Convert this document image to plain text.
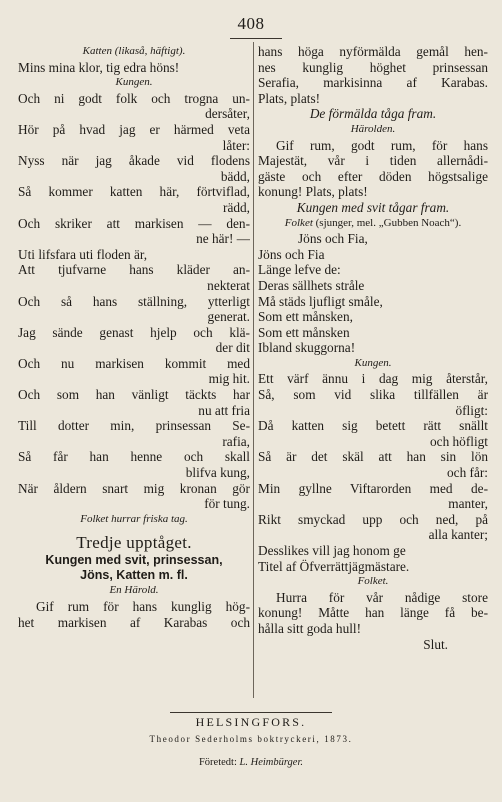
408
Katten (likaså, häftigt).
Mins mina klor, tig edra höns!
Kungen.
Och ni godt folk och trogna un-
dersåter,
Hör på hvad jag er härmed veta
låter:
Nyss när jag åkade vid flodens
bädd,
Så kommer katten här, förtviflad,
rädd,
Och skriker att markisen — den-
ne här! —
Uti lifsfara uti floden är,
Att tjufvarne hans kläder an-
nekterat
Och så hans ställning, ytterligt
generat.
Jag sände genast hjelp och klä-
der dit
Och nu markisen kommit med
mig hit.
Och som han vänligt täckts har
nu att fria
Till dotter min, prinsessan Se-
rafia,
Så får han henne och skall
blifva kung,
När åldern snart mig kronan gör
för tung.
Folket hurrar friska tag.
Tredje upptåget.
Kungen med svit, prinsessan,
Jöns, Katten m. fl.
En Härold.
Gif rum för hans kunglig hög-
het markisen af Karabas och
hans höga nyförmälda gemål hen-
nes kunglig höghet prinsessan
Serafia, markisinna af Karabas.
Plats, plats!
De förmälda tåga fram.
Härolden.
Gif rum, godt rum, för hans
Majestät, vår i tiden allernådi-
gäste och efter döden högstsalige
konung! Plats, plats!
Kungen med svit tågar fram.
Folket (sjunger, mel. „Gubben Noach“).
Jöns och Fia,
Jöns och Fia
Länge lefve de:
Deras sällhets stråle
Må städs ljufligt småle,
Som ett månsken,
Som ett månsken
Ibland skuggorna!
Kungen.
Ett värf ännu i dag mig återstår,
Så, som vid slika tillfällen är
öfligt:
Då katten sig betett rätt snällt
och höfligt
Så är det skäl att han sin lön
och får:
Min gyllne Viftarorden med de-
manter,
Rikt smyckad upp och ned, på
alla kanter;
Desslikes vill jag honom ge
Titel af Öfverrättjägmästare.
Folket.
Hurra för vår nådige store
konung! Måtte han länge få be-
hålla sitt goda hull!
Slut.
HELSINGFORS.
Theodor Sederholms boktryckeri, 1873.
Företedt: L. Heimbürger.
